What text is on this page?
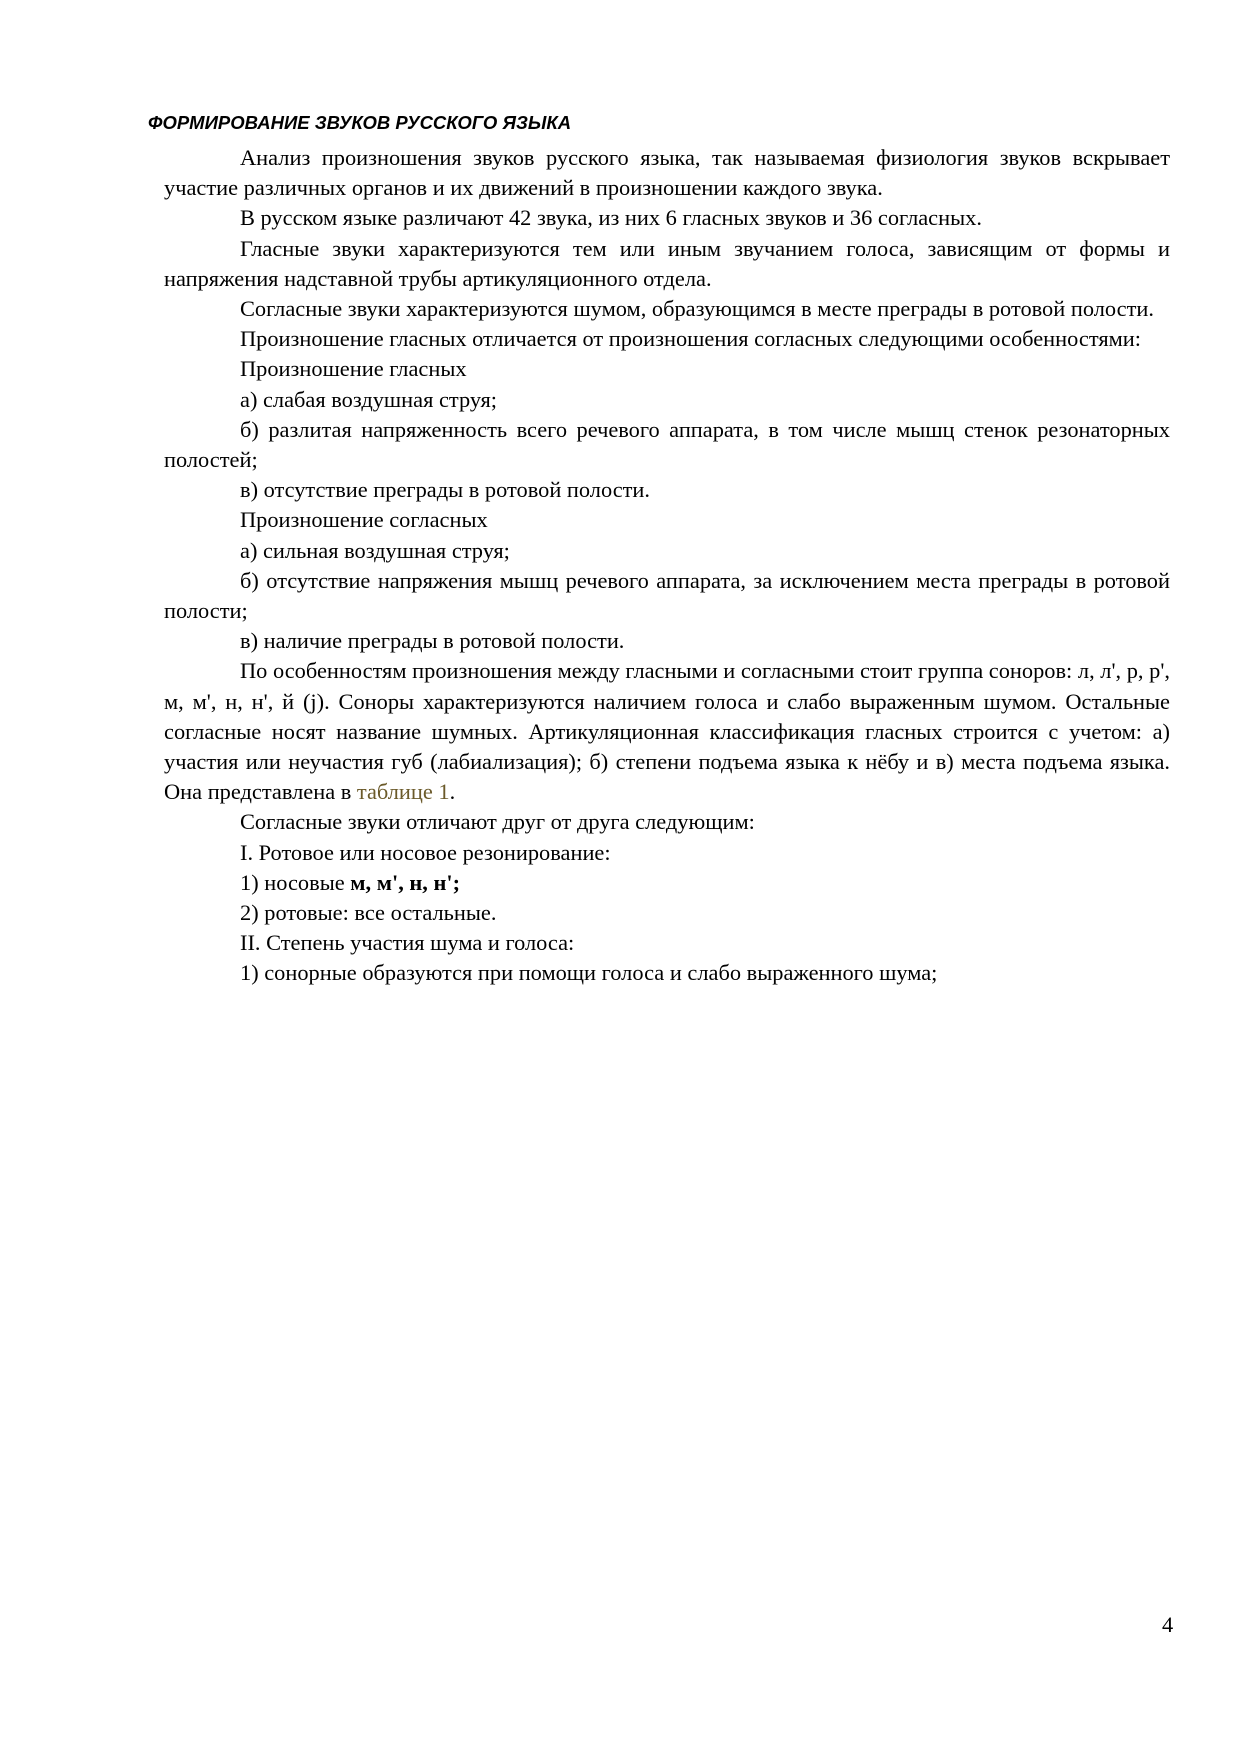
ФОРМИРОВАНИЕ ЗВУКОВ РУССКОГО ЯЗЫКА

Анализ произношения звуков русского языка, так называемая физиология звуков вскрывает участие различных органов и их движений в произношении каждого звука.

В русском языке различают 42 звука, из них 6 гласных звуков и 36 согласных.

Гласные звуки характеризуются тем или иным звучанием голоса, зависящим от формы и напряжения надставной трубы артикуляционного отдела.

Согласные звуки характеризуются шумом, образующимся в месте преграды в ротовой полости.

Произношение гласных отличается от произношения согласных следующими особенностями:

Произношение гласных

а) слабая воздушная струя;

б) разлитая напряженность всего речевого аппарата, в том числе мышц стенок резонаторных полостей;

в) отсутствие преграды в ротовой полости.

Произношение согласных

а) сильная воздушная струя;

б) отсутствие напряжения мышц речевого аппарата, за исключением места преграды в ротовой полости;

в) наличие преграды в ротовой полости.

По особенностям произношения между гласными и согласными стоит группа соноров: л, л', р, р', м, м', н, н', й (j). Соноры характеризуются наличием голоса и слабо выраженным шумом. Остальные согласные носят название шумных. Артикуляционная классификация гласных строится с учетом: а) участия или неучастия губ (лабиализация); б) степени подъема языка к нёбу и в) места подъема языка. Она представлена в таблице 1.

Согласные звуки отличают друг от друга следующим:

I. Ротовое или носовое резонирование:

1) носовые м, м', н, н';

2) ротовые: все остальные.

II. Степень участия шума и голоса:

1) сонорные образуются при помощи голоса и слабо выраженного шума;

4
